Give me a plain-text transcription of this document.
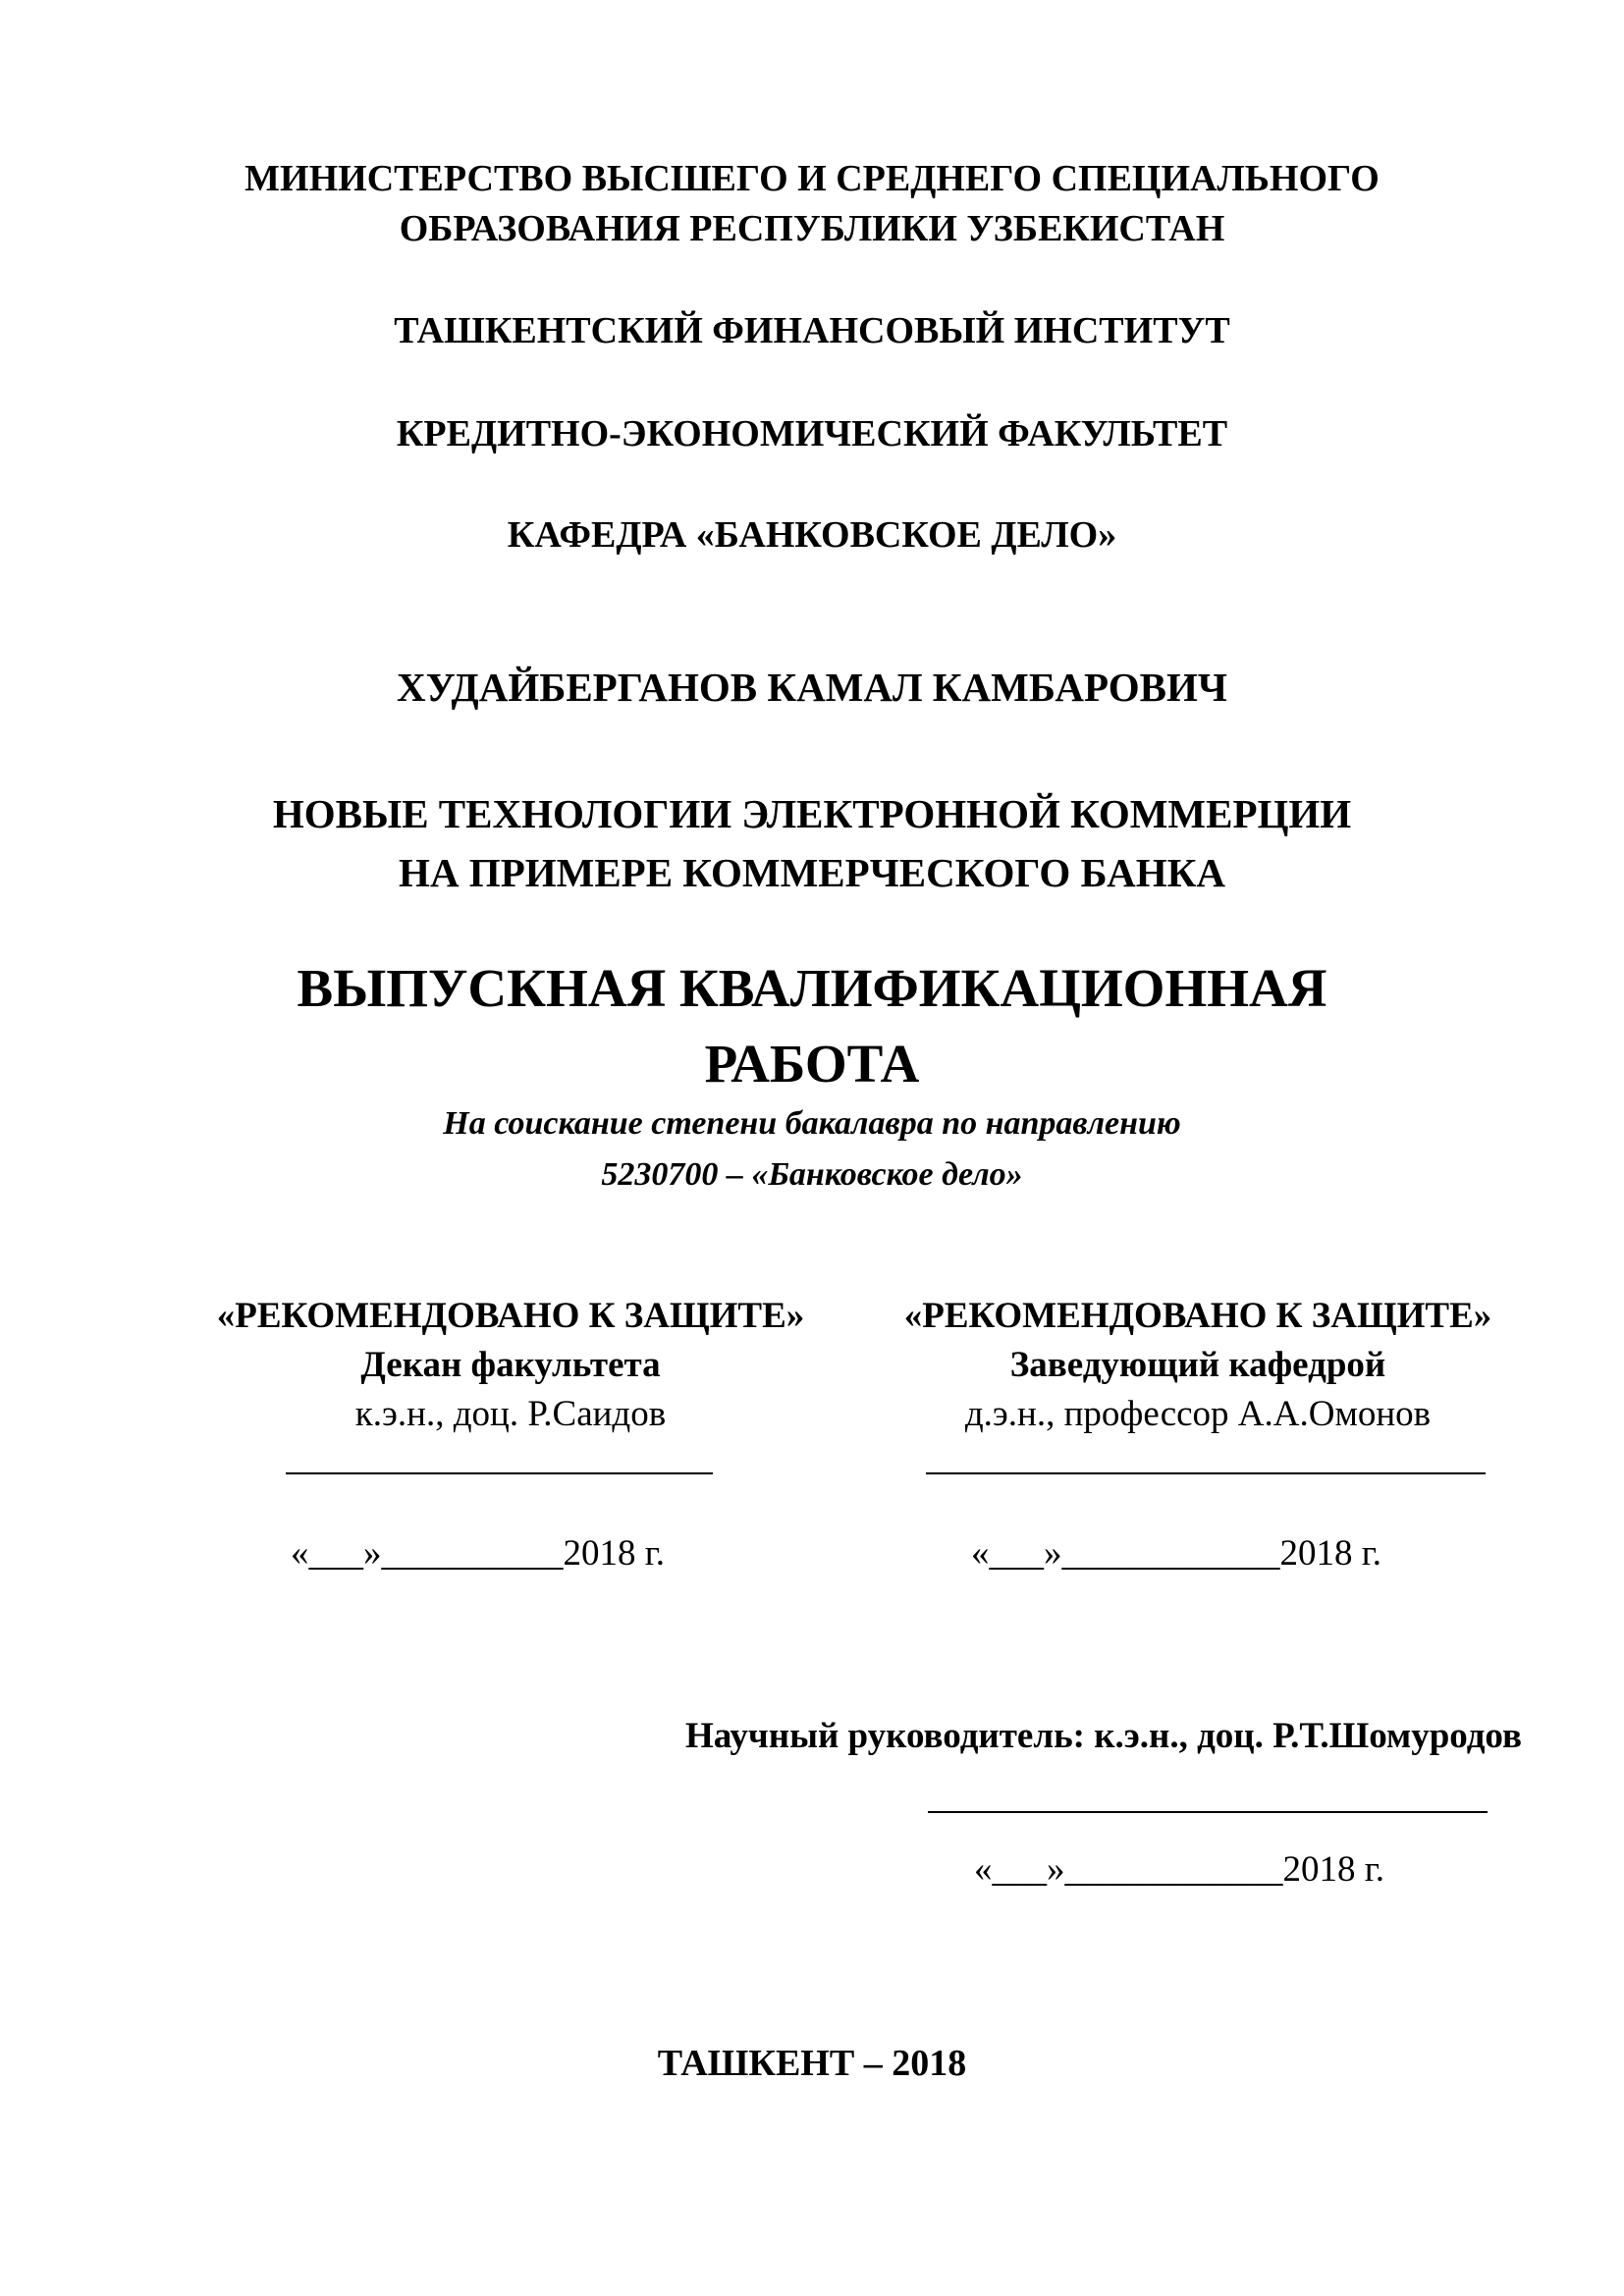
МИНИСТЕРСТВО ВЫСШЕГО И СРЕДНЕГО СПЕЦИАЛЬНОГО

ОБРАЗОВАНИЯ РЕСПУБЛИКИ УЗБЕКИСТАН

ТАШКЕНТСКИЙ ФИНАНСОВЫЙ ИНСТИТУТ

КРЕДИТНО-ЭКОНОМИЧЕСКИЙ ФАКУЛЬТЕТ

КАФЕДРА «БАНКОВСКОЕ ДЕЛО»

ХУДАЙБЕРГАНОВ КАМАЛ КАМБАРОВИЧ

НОВЫЕ ТЕХНОЛОГИИ ЭЛЕКТРОННОЙ КОММЕРЦИИ

НА ПРИМЕРЕ КОММЕРЧЕСКОГО БАНКА

ВЫПУСКНАЯ КВАЛИФИКАЦИОННАЯ

РАБОТА

На соискание степени бакалавра по направлению

5230700 – «Банковское дело»

«РЕКОМЕНДОВАНО К ЗАЩИТЕ»

Декан факультета

к.э.н., доц. Р.Саидов

«___»__________2018 г.

«РЕКОМЕНДОВАНО К ЗАЩИТЕ»

Заведующий кафедрой

д.э.н., профессор А.А.Омонов

«___»____________2018 г.

Научный руководитель: к.э.н., доц. Р.Т.Шомуродов

«___»____________2018 г.

ТАШКЕНТ – 2018
